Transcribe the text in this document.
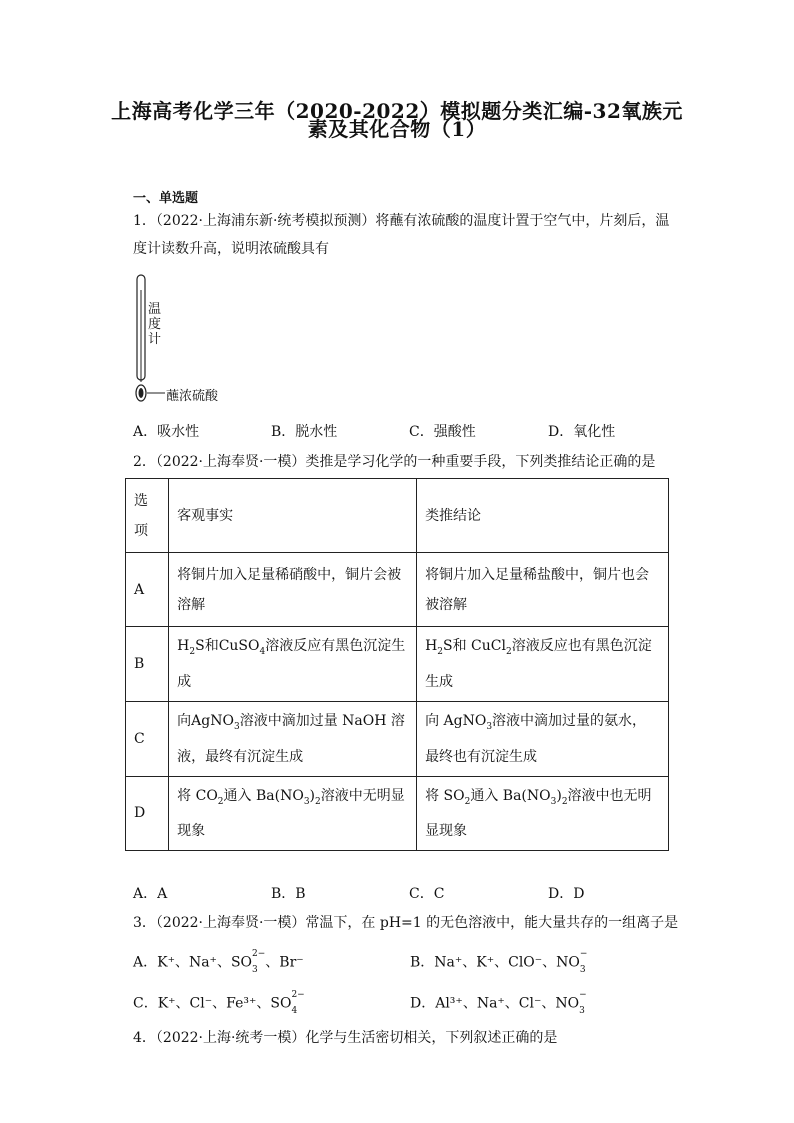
上海高考化学三年（2020-2022）模拟题分类汇编-32氧族元
素及其化合物（1）
一、单选题
1．（2022·上海浦东新·统考模拟预测）将蘸有浓硫酸的温度计置于空气中，片刻后，温度计读数升高，说明浓硫酸具有
温
度
计
蘸浓硫酸
A．吸水性	B．脱水性	C．强酸性	D．氧化性
2．（2022·上海奉贤·一模）类推是学习化学的一种重要手段，下列类推结论正确的是
选项	客观事实	类推结论
A	将铜片加入足量稀硝酸中，铜片会被溶解	将铜片加入足量稀盐酸中，铜片也会被溶解
B	$H_2S$和CuSO$_4$溶液反应有黑色沉淀生成	$H_2S$和 CuCl$_2$溶液反应也有黑色沉淀生成
C	向AgNO$_3$溶液中滴加过量 NaOH 溶液，最终有沉淀生成	向 AgNO$_3$溶液中滴加过量的氨水，最终也有沉淀生成
D	将 $CO_2$通入 $Ba(NO_3)_2$溶液中无明显现象	将 $SO_2$通入 $Ba(NO_3)_2$溶液中也无明显现象
A．A	B．B	C．C	D．D
3．（2022·上海奉贤·一模）常温下，在 pH=1 的无色溶液中，能大量共存的一组离子是
A．K⁺、Na⁺、$SO^{2-}$
$_3$ 、Br⁻	B．Na⁺、K⁺、ClO⁻、NO−
$_3$
C．K⁺、Cl⁻、Fe³⁺、$SO^{2-}$
$_4$	D．Al³⁺、Na⁺、Cl⁻、NO−
$_3$
4．（2022·上海·统考一模）化学与生活密切相关，下列叙述正确的是
